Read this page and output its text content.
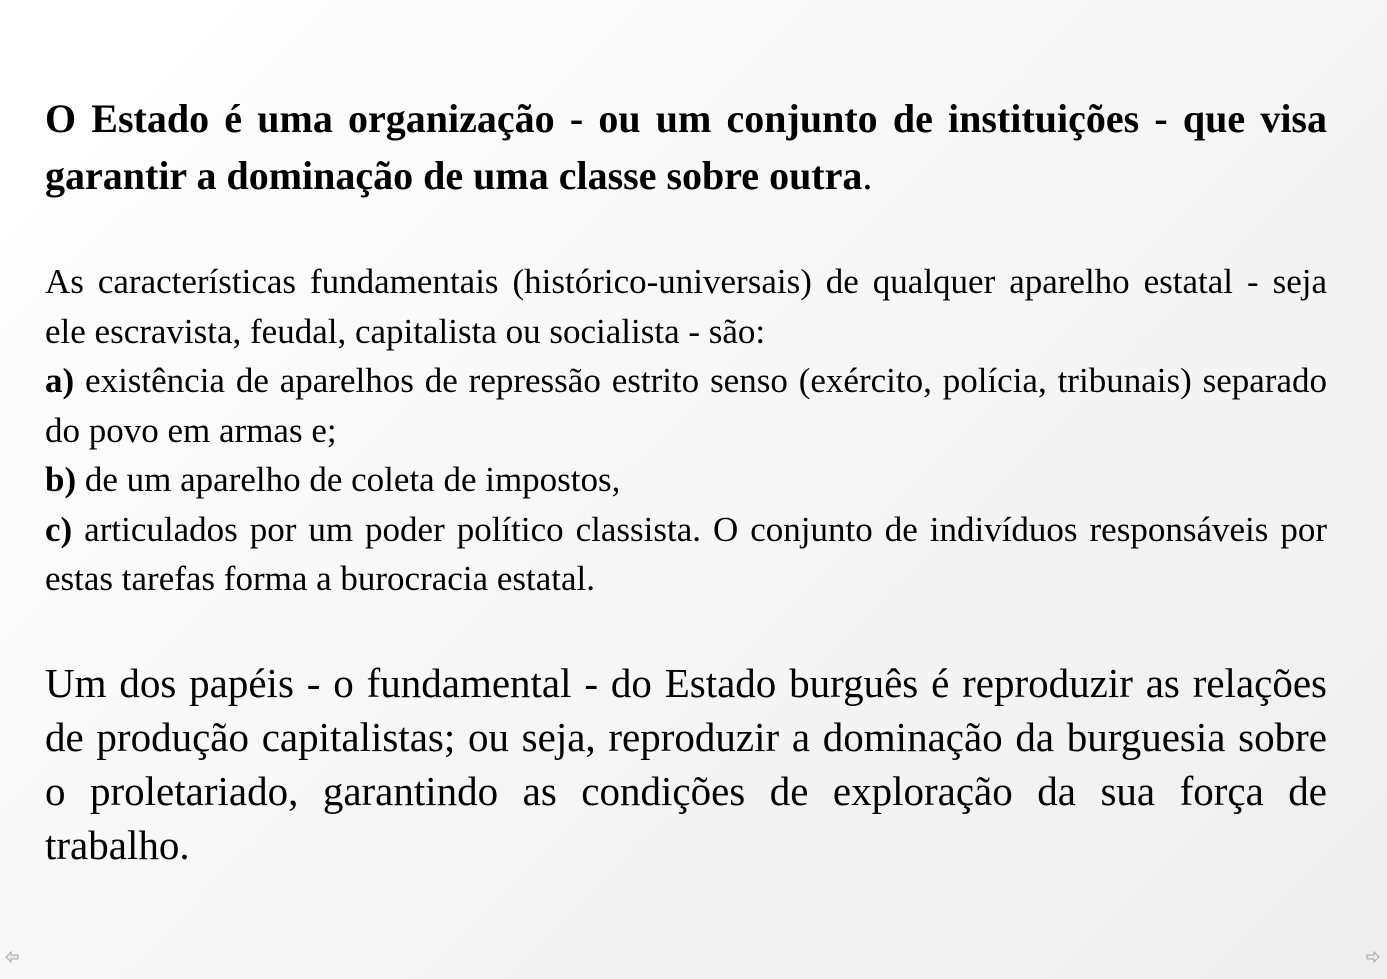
O Estado é uma organização - ou um conjunto de instituições - que visa garantir a dominação de uma classe sobre outra.

As características fundamentais (histórico-universais) de qualquer aparelho estatal - seja ele escravista, feudal, capitalista ou socialista - são:
a) existência de aparelhos de repressão estrito senso (exército, polícia, tribunais) separado do povo em armas e;
b) de um aparelho de coleta de impostos,
c) articulados por um poder político classista. O conjunto de indivíduos responsáveis por estas tarefas forma a burocracia estatal.

Um dos papéis - o fundamental - do Estado burguês é reproduzir as relações de produção capitalistas; ou seja, reproduzir a dominação da burguesia sobre o proletariado, garantindo as condições de exploração da sua força de trabalho.
